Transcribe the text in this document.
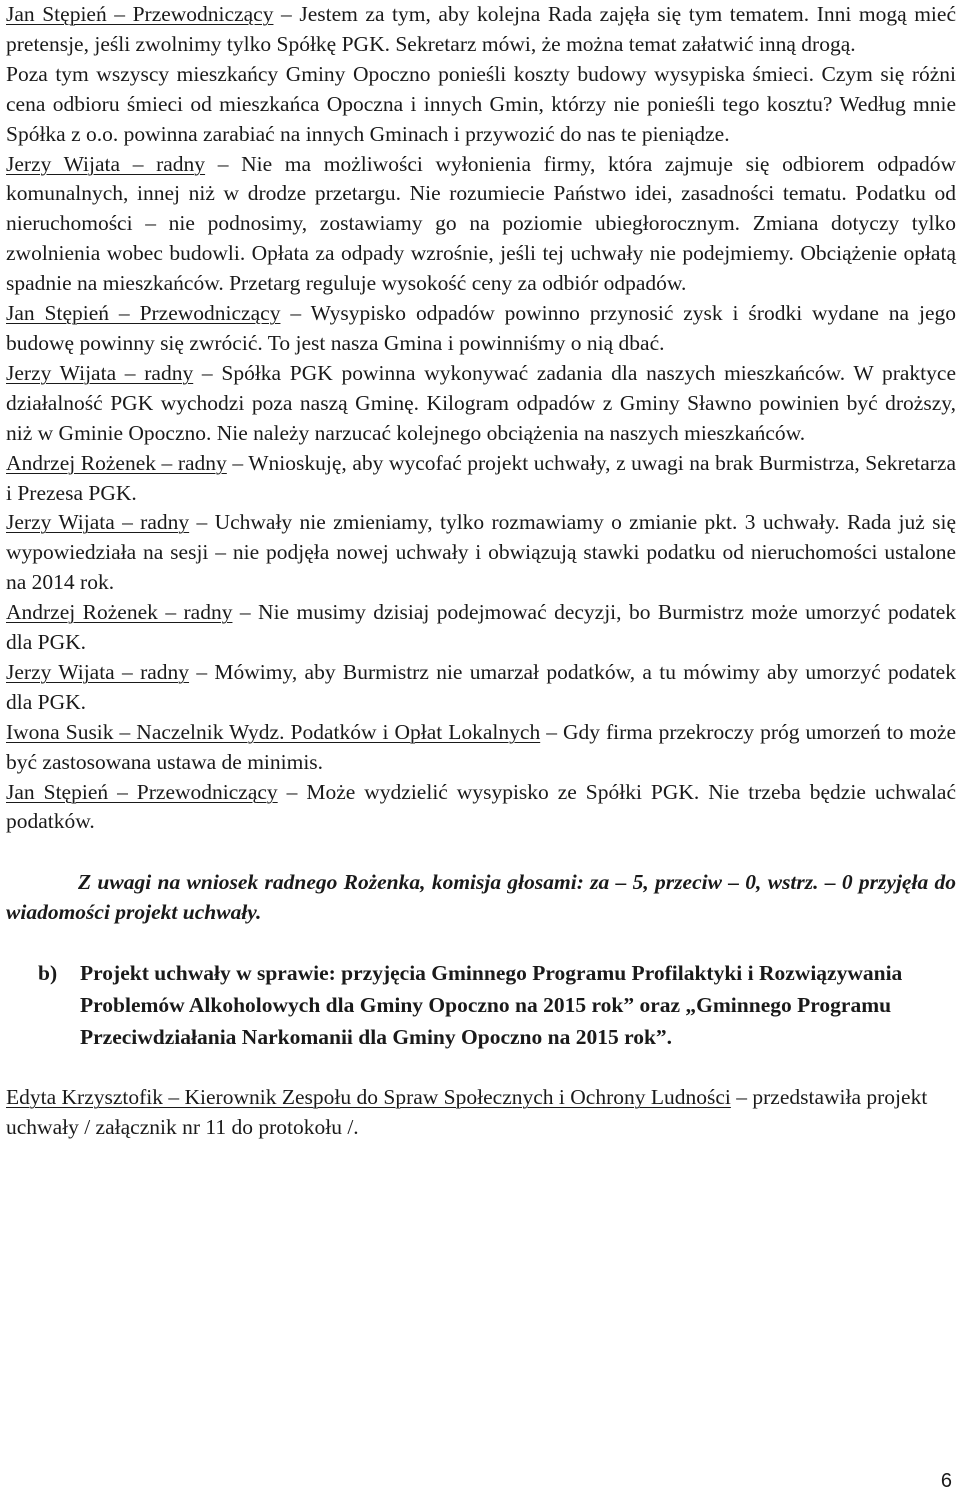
Jan Stępień – Przewodniczący – Jestem za tym, aby kolejna Rada zajęła się tym tematem. Inni mogą mieć pretensje, jeśli zwolnimy tylko Spółkę PGK. Sekretarz mówi, że można temat załatwić inną drogą.

Poza tym wszyscy mieszkańcy Gminy Opoczno ponieśli koszty budowy wysypiska śmieci. Czym się różni cena odbioru śmieci od mieszkańca Opoczna i innych Gmin, którzy nie ponieśli tego kosztu? Według mnie Spółka z o.o. powinna zarabiać na innych Gminach i przywozić do nas te pieniądze.

Jerzy Wijata – radny – Nie ma możliwości wyłonienia firmy, która zajmuje się odbiorem odpadów komunalnych, innej niż w drodze przetargu. Nie rozumiecie Państwo idei, zasadności tematu. Podatku od nieruchomości – nie podnosimy, zostawiamy go na poziomie ubiegłorocznym. Zmiana dotyczy tylko zwolnienia wobec budowli. Opłata za odpady wzrośnie, jeśli tej uchwały nie podejmiemy. Obciążenie opłatą spadnie na mieszkańców. Przetarg reguluje wysokość ceny za odbiór odpadów.

Jan Stępień – Przewodniczący – Wysypisko odpadów powinno przynosić zysk i środki wydane na jego budowę powinny się zwrócić. To jest nasza Gmina i powinniśmy o nią dbać.

Jerzy Wijata – radny – Spółka PGK powinna wykonywać zadania dla naszych mieszkańców. W praktyce działalność PGK wychodzi poza naszą Gminę. Kilogram odpadów z Gminy Sławno powinien być droższy, niż w Gminie Opoczno. Nie należy narzucać kolejnego obciążenia na naszych mieszkańców.

Andrzej Rożenek – radny – Wnioskuję, aby wycofać projekt uchwały, z uwagi na brak Burmistrza, Sekretarza i Prezesa PGK.

Jerzy Wijata – radny – Uchwały nie zmieniamy, tylko rozmawiamy o zmianie pkt. 3 uchwały. Rada już się wypowiedziała na sesji – nie podjęła nowej uchwały i obwiązują stawki podatku od nieruchomości ustalone na 2014 rok.

Andrzej Rożenek – radny – Nie musimy dzisiaj podejmować decyzji, bo Burmistrz może umorzyć podatek dla PGK.

Jerzy Wijata – radny – Mówimy, aby Burmistrz nie umarzał podatków, a tu mówimy aby umorzyć podatek dla PGK.

Iwona Susik – Naczelnik Wydz. Podatków i Opłat Lokalnych – Gdy firma przekroczy próg umorzeń to może być zastosowana ustawa de minimis.

Jan Stępień – Przewodniczący – Może wydzielić wysypisko ze Spółki PGK. Nie trzeba będzie uchwalać podatków.

Z uwagi na wniosek radnego Rożenka, komisja głosami: za – 5, przeciw – 0, wstrz. – 0 przyjęła do wiadomości projekt uchwały.

b)	Projekt uchwały w sprawie: przyjęcia Gminnego Programu Profilaktyki i Rozwiązywania Problemów Alkoholowych dla Gminy Opoczno na 2015 rok” oraz „Gminnego Programu Przeciwdziałania Narkomanii dla Gminy Opoczno na 2015 rok”.

Edyta Krzysztofik – Kierownik Zespołu do Spraw Społecznych i Ochrony Ludności – przedstawiła projekt uchwały / załącznik nr 11 do protokołu /.

6
